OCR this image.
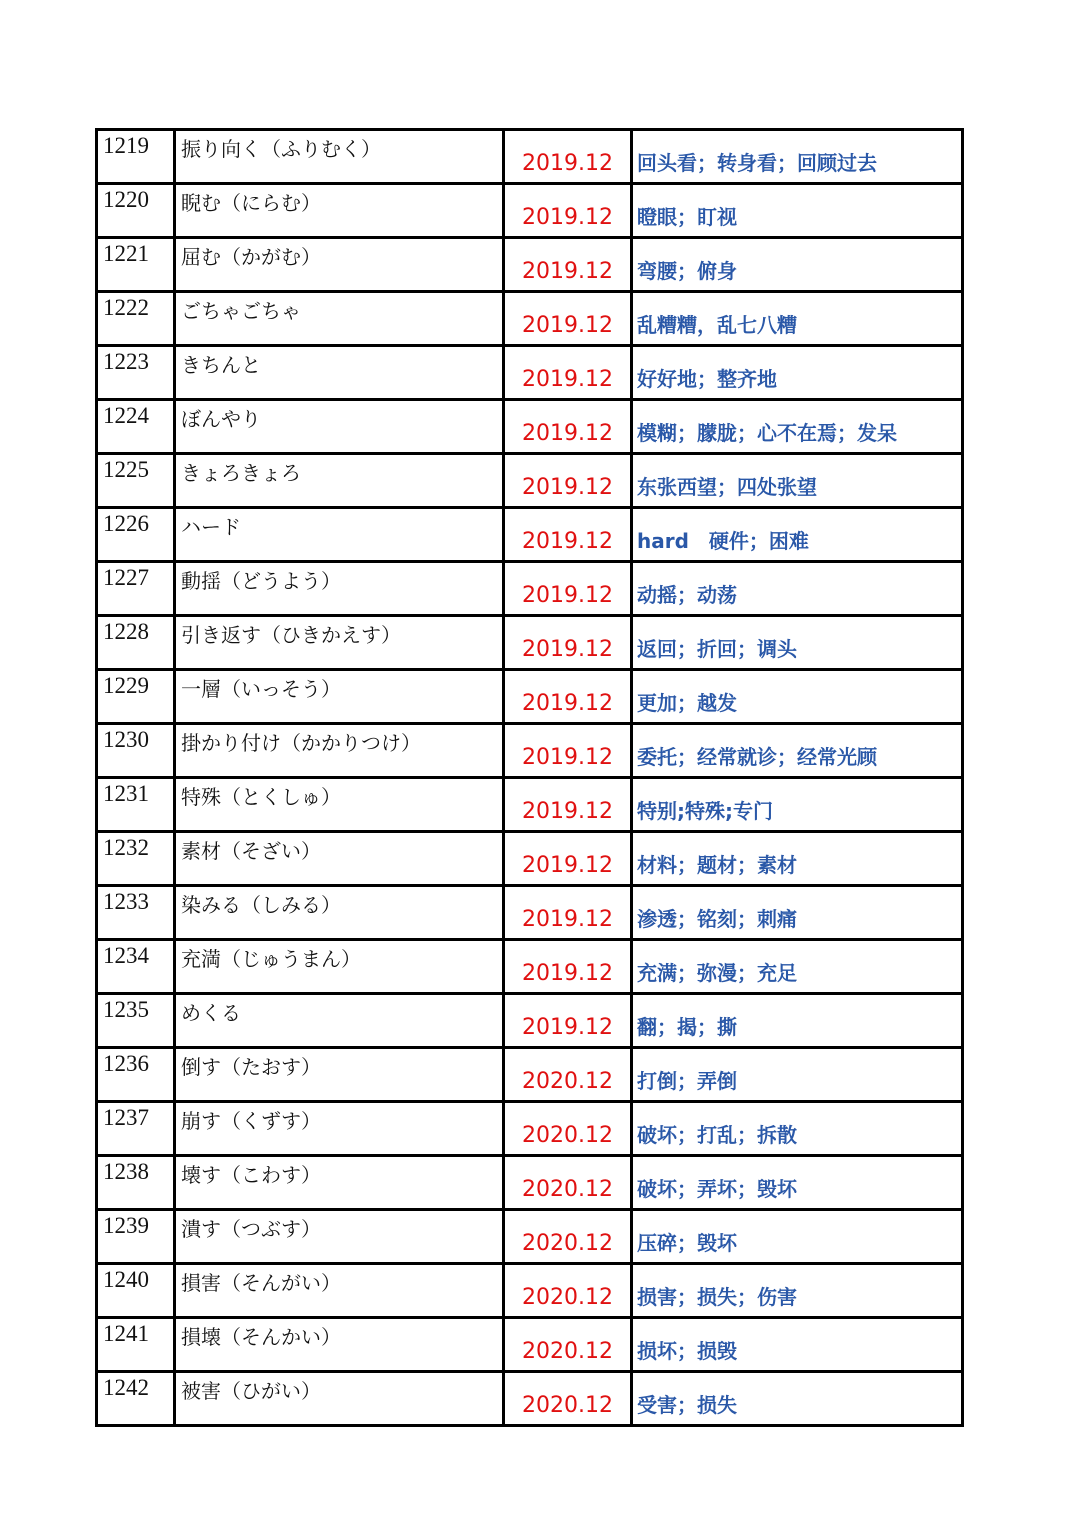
1219	振り向く（ふりむく）	2019.12	回头看；转身看；回顾过去
1220	睨む（にらむ）	2019.12	瞪眼；盯视
1221	屈む（かがむ）	2019.12	弯腰；俯身
1222	ごちゃごちゃ	2019.12	乱糟糟，乱七八糟
1223	きちんと	2019.12	好好地；整齐地
1224	ぼんやり	2019.12	模糊；朦胧；心不在焉；发呆
1225	きょろきょろ	2019.12	东张西望；四处张望
1226	ハード	2019.12	hard　硬件；困难
1227	動揺（どうよう）	2019.12	动摇；动荡
1228	引き返す（ひきかえす）	2019.12	返回；折回；调头
1229	一層（いっそう）	2019.12	更加；越发
1230	掛かり付け（かかりつけ）	2019.12	委托；经常就诊；经常光顾
1231	特殊（とくしゅ）	2019.12	特别;特殊;专门
1232	素材（そざい）	2019.12	材料；题材；素材
1233	染みる（しみる）	2019.12	渗透；铭刻；刺痛
1234	充満（じゅうまん）	2019.12	充满；弥漫；充足
1235	めくる	2019.12	翻；揭；撕
1236	倒す（たおす）	2020.12	打倒；弄倒
1237	崩す（くずす）	2020.12	破坏；打乱；拆散
1238	壊す（こわす）	2020.12	破坏；弄坏；毁坏
1239	潰す（つぶす）	2020.12	压碎；毁坏
1240	損害（そんがい）	2020.12	损害；损失；伤害
1241	損壊（そんかい）	2020.12	损坏；损毁
1242	被害（ひがい）	2020.12	受害；损失
